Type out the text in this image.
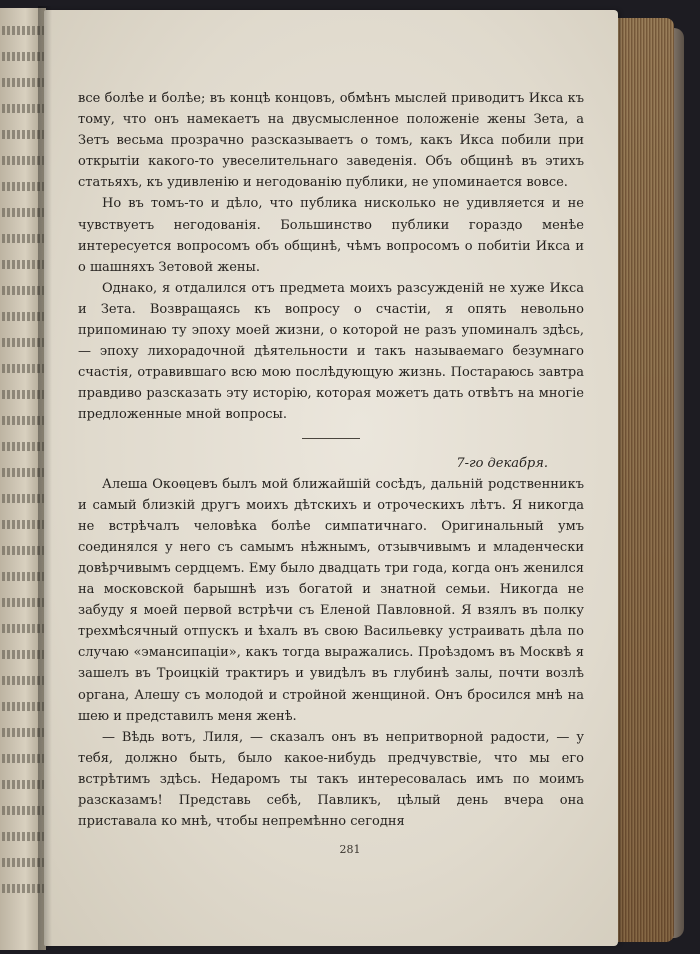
все болѣе и болѣе; въ концѣ концовъ, обмѣнъ мыслей приводитъ Икса къ тому, что онъ намекаетъ на двусмысленное положеніе жены Зета, а Зетъ весьма прозрачно разсказываетъ о томъ, какъ Икса побили при открытіи какого-то увеселительнаго заведенія. Объ общинѣ въ этихъ статьяхъ, къ удивленію и негодованію публики, не упоминается вовсе.

Но въ томъ-то и дѣло, что публика нисколько не удивляется и не чувствуетъ негодованія. Большинство публики гораздо менѣе интересуется вопросомъ объ общинѣ, чѣмъ вопросомъ о побитіи Икса и о шашняхъ Зетовой жены.

Однако, я отдалился отъ предмета моихъ разсужденій не хуже Икса и Зета. Возвращаясь къ вопросу о счастіи, я опять невольно припоминаю ту эпоху моей жизни, о которой не разъ упоминалъ здѣсь, — эпоху лихорадочной дѣятельности и такъ называемаго безумнаго счастія, отравившаго всю мою послѣдующую жизнь. Постараюсь завтра правдиво разсказать эту исторію, которая можетъ дать отвѣтъ на многіе предложенные мной вопросы.

7-го декабря.

Алеша Окоѳцевъ былъ мой ближайшій сосѣдъ, дальній родственникъ и самый близкій другъ моихъ дѣтскихъ и отроческихъ лѣтъ. Я никогда не встрѣчалъ человѣка болѣе симпатичнаго. Оригинальный умъ соединялся у него съ самымъ нѣжнымъ, отзывчивымъ и младенчески довѣрчивымъ сердцемъ. Ему было двадцать три года, когда онъ женился на московской барышнѣ изъ богатой и знатной семьи. Никогда не забуду я моей первой встрѣчи съ Еленой Павловной. Я взялъ въ полку трехмѣсячный отпускъ и ѣхалъ въ свою Васильевку устраивать дѣла по случаю «эмансипаціи», какъ тогда выражались. Проѣздомъ въ Москвѣ я зашелъ въ Троицкій трактиръ и увидѣлъ въ глубинѣ залы, почти возлѣ органа, Алешу съ молодой и стройной женщиной. Онъ бросился мнѣ на шею и представилъ меня женѣ.

— Вѣдь вотъ, Лиля, — сказалъ онъ въ непритворной радости, — у тебя, должно быть, было какое-нибудь предчувствіе, что мы его встрѣтимъ здѣсь. Недаромъ ты такъ интересовалась имъ по моимъ разсказамъ! Представь себѣ, Павликъ, цѣлый день вчера она приставала ко мнѣ, чтобы непремѣнно сегодня

281
